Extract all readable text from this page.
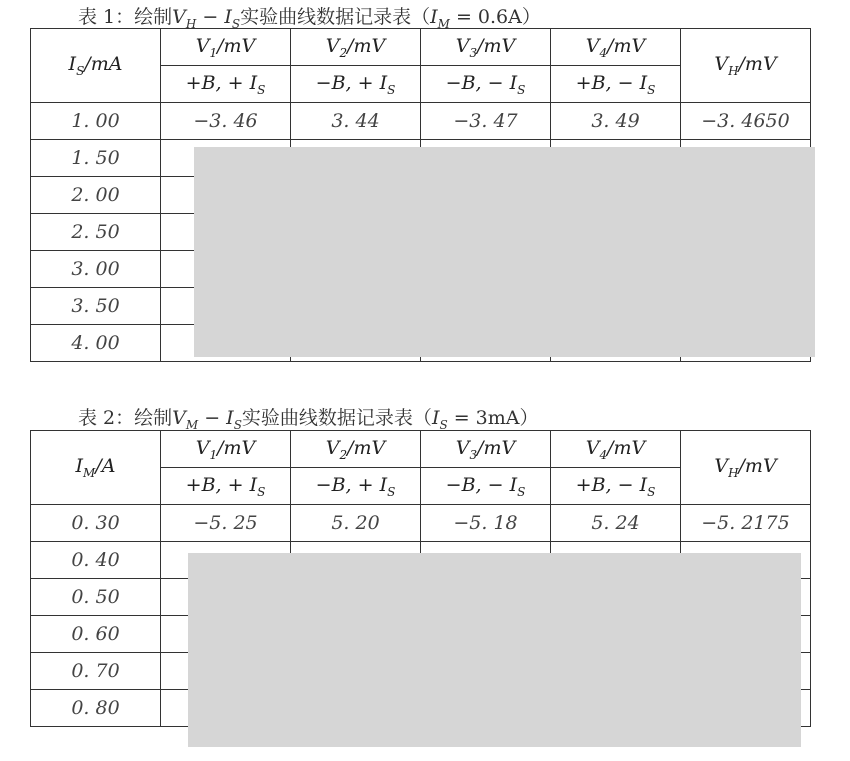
表 1：绘制$V_H - I_S$实验曲线数据记录表$(I_M = 0.6A)$
$I_S/mA$	$V_1/mV$	$V_2/mV$	$V_3/mV$	$V_4/mV$	$V_H/mV$
	+B, + $I_S$	−B, + $I_S$	−B, − $I_S$	+B, − $I_S$
1. 00	−3. 46	3. 44	−3. 47	3. 49	−3. 4650
1. 50					
2. 00					
2. 50					
3. 00					
3. 50					
4. 00					
表 2：绘制$V_M - I_S$实验曲线数据记录表$(I_S = 3mA)$
$I_M/A$	$V_1/mV$	$V_2/mV$	$V_3/mV$	$V_4/mV$	$V_H/mV$
	+B, + $I_S$	−B, + $I_S$	−B, − $I_S$	+B, − $I_S$
0. 30	−5. 25	5. 20	−5. 18	5. 24	−5. 2175
0. 40					
0. 50					
0. 60					
0. 70					
0. 80					
